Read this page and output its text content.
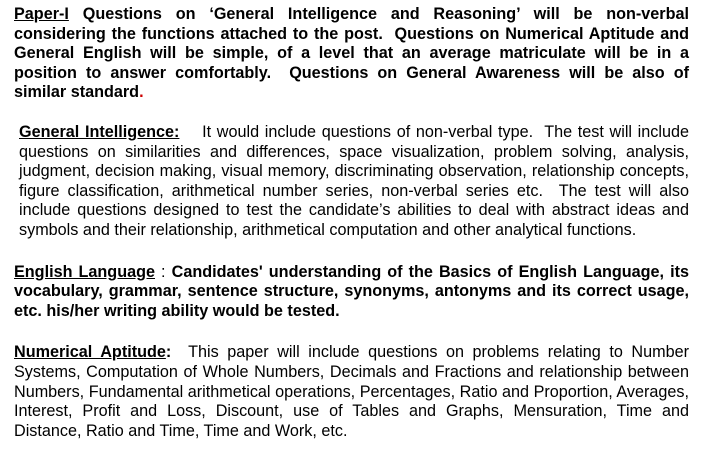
Paper-I Questions on ‘General Intelligence and Reasoning’ will be non-verbal considering the functions attached to the post.  Questions on Numerical Aptitude and General English will be simple, of a level that an average matriculate will be in a position to answer comfortably.  Questions on General Awareness will be also of similar standard.

General Intelligence:    It would include questions of non-verbal type.  The test will include questions on similarities and differences, space visualization, problem solving, analysis, judgment, decision making, visual memory, discriminating observation, relationship concepts, figure classification, arithmetical number series, non-verbal series etc.  The test will also include questions designed to test the candidate’s abilities to deal with abstract ideas and symbols and their relationship, arithmetical computation and other analytical functions.

English Language : Candidates' understanding of the Basics of English Language, its vocabulary, grammar, sentence structure, synonyms, antonyms and its correct usage, etc. his/her writing ability would be tested.

Numerical Aptitude:  This paper will include questions on problems relating to Number Systems, Computation of Whole Numbers, Decimals and Fractions and relationship between Numbers, Fundamental arithmetical operations, Percentages, Ratio and Proportion, Averages, Interest, Profit and Loss, Discount, use of Tables and Graphs, Mensuration, Time and Distance, Ratio and Time, Time and Work, etc.
